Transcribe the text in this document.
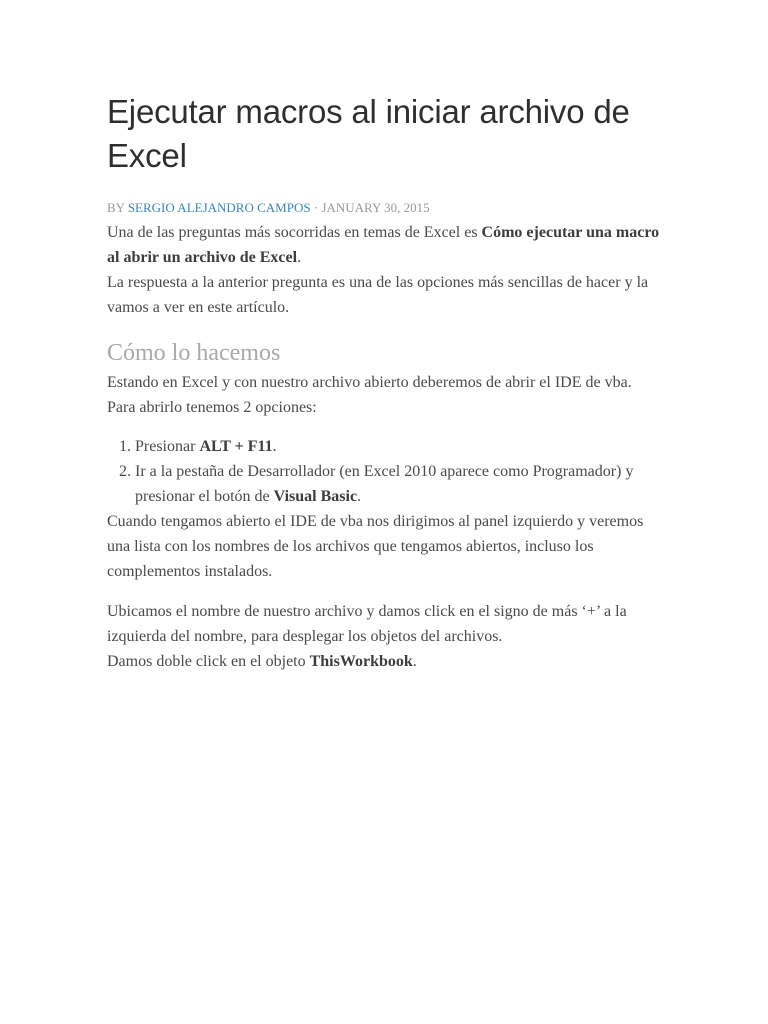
Ejecutar macros al iniciar archivo de Excel
BY SERGIO ALEJANDRO CAMPOS · JANUARY 30, 2015

Una de las preguntas más socorridas en temas de Excel es Cómo ejecutar una macro al abrir un archivo de Excel.

La respuesta a la anterior pregunta es una de las opciones más sencillas de hacer y la vamos a ver en este artículo.

Cómo lo hacemos

Estando en Excel y con nuestro archivo abierto deberemos de abrir el IDE de vba. Para abrirlo tenemos 2 opciones:

1. Presionar ALT + F11.
2. Ir a la pestaña de Desarrollador (en Excel 2010 aparece como Programador) y presionar el botón de Visual Basic.

Cuando tengamos abierto el IDE de vba nos dirigimos al panel izquierdo y veremos una lista con los nombres de los archivos que tengamos abiertos, incluso los complementos instalados.

Ubicamos el nombre de nuestro archivo y damos click en el signo de más ‘+’ a la izquierda del nombre, para desplegar los objetos del archivos.

Damos doble click en el objeto ThisWorkbook.
